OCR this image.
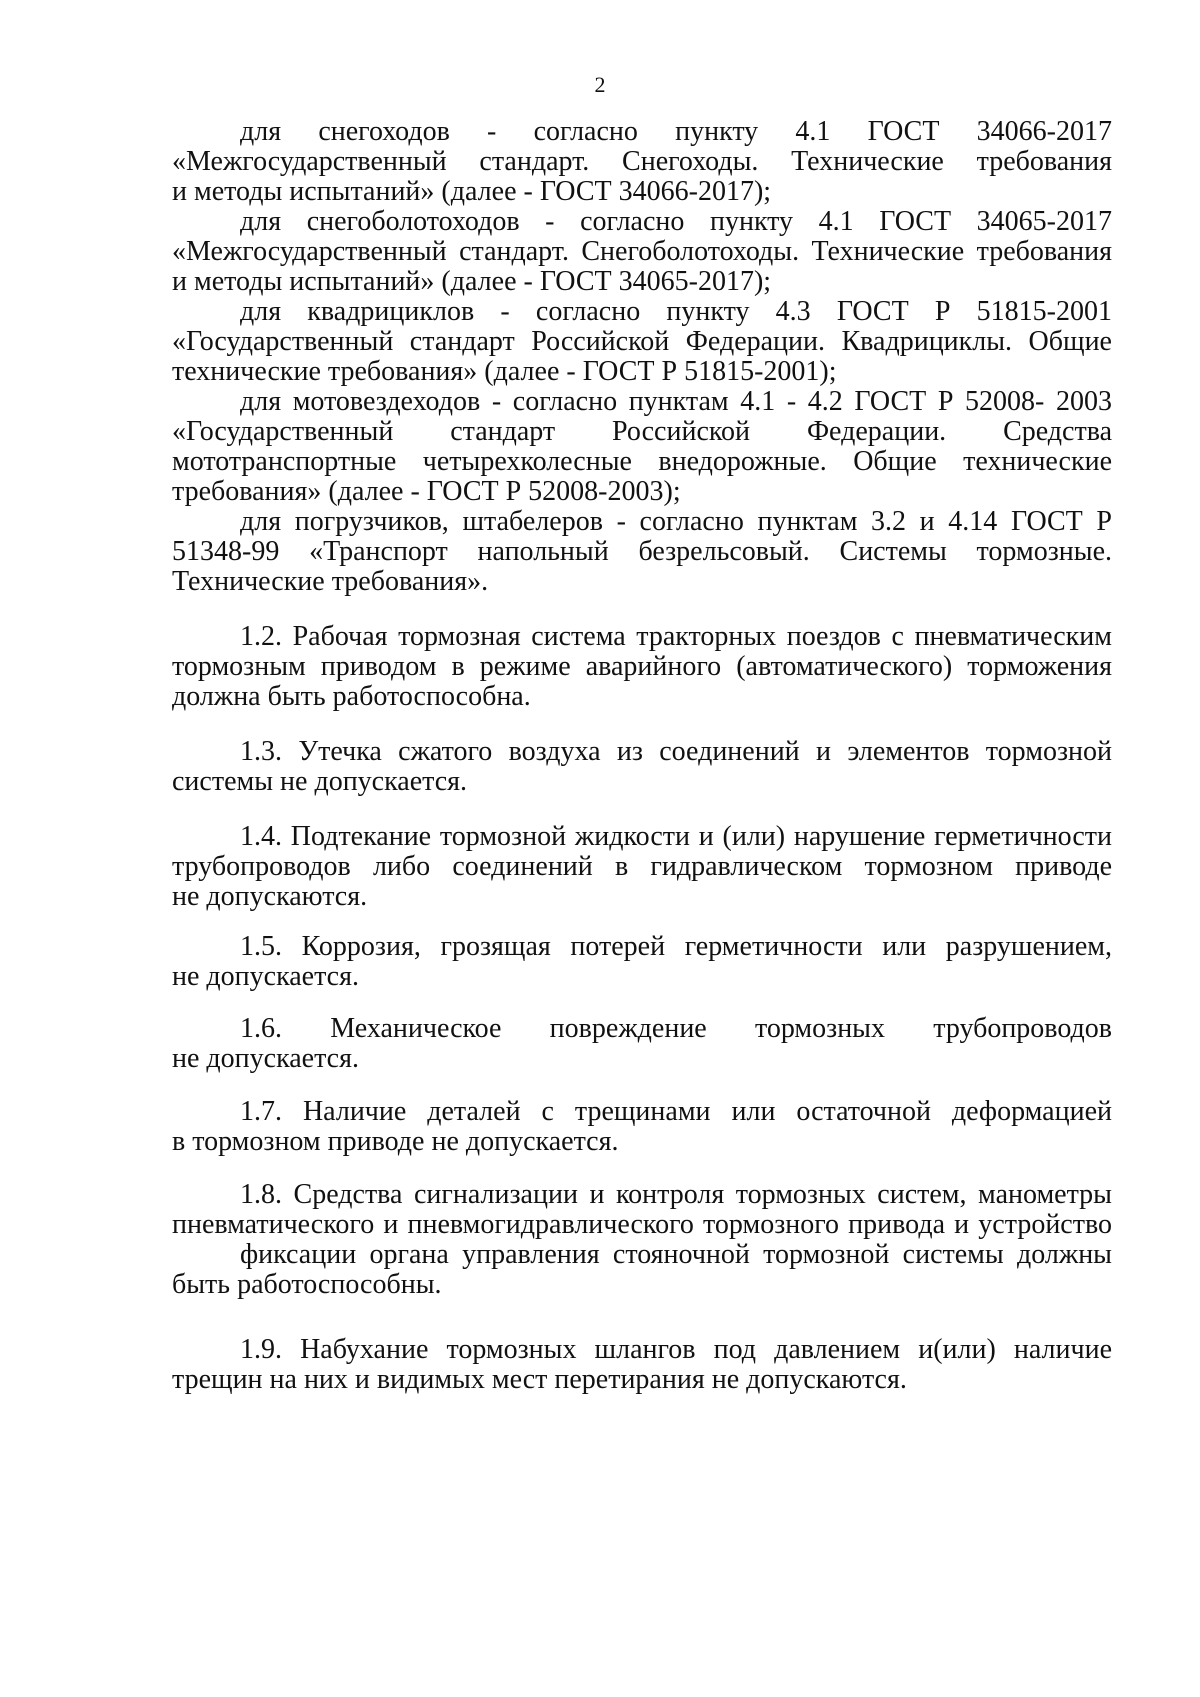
2
для снегоходов - согласно пункту 4.1 ГОСТ 34066-2017
«Межгосударственный стандарт. Снегоходы. Технические требования
и методы испытаний» (далее - ГОСТ 34066-2017);
для снегоболотоходов - согласно пункту 4.1 ГОСТ 34065-2017
«Межгосударственный стандарт. Снегоболотоходы. Технические требования
и методы испытаний» (далее - ГОСТ 34065-2017);
для квадрициклов - согласно пункту 4.3 ГОСТ Р 51815-2001
«Государственный стандарт Российской Федерации. Квадрициклы. Общие
технические требования» (далее - ГОСТ Р 51815-2001);
для мотовездеходов - согласно пунктам 4.1 - 4.2 ГОСТ Р 52008- 2003
«Государственный стандарт Российской Федерации. Средства
мототранспортные четырехколесные внедорожные. Общие технические
требования» (далее - ГОСТ Р 52008-2003);
для погрузчиков, штабелеров - согласно пунктам 3.2 и 4.14 ГОСТ Р
51348-99 «Транспорт напольный безрельсовый. Системы тормозные.
Технические требования».
1.2. Рабочая тормозная система тракторных поездов с пневматическим
тормозным приводом в режиме аварийного (автоматического) торможения
должна быть работоспособна.
1.3. Утечка сжатого воздуха из соединений и элементов тормозной
системы не допускается.
1.4. Подтекание тормозной жидкости и (или) нарушение герметичности
трубопроводов либо соединений в гидравлическом тормозном приводе
не допускаются.
1.5. Коррозия, грозящая потерей герметичности или разрушением,
не допускается.
1.6. Механическое повреждение тормозных трубопроводов
не допускается.
1.7. Наличие деталей с трещинами или остаточной деформацией
в тормозном приводе не допускается.
1.8. Средства сигнализации и контроля тормозных систем, манометры
пневматического и пневмогидравлического тормозного привода и устройство
фиксации органа управления стояночной тормозной системы должны
быть работоспособны.
1.9. Набухание тормозных шлангов под давлением и(или) наличие
трещин на них и видимых мест перетирания не допускаются.
